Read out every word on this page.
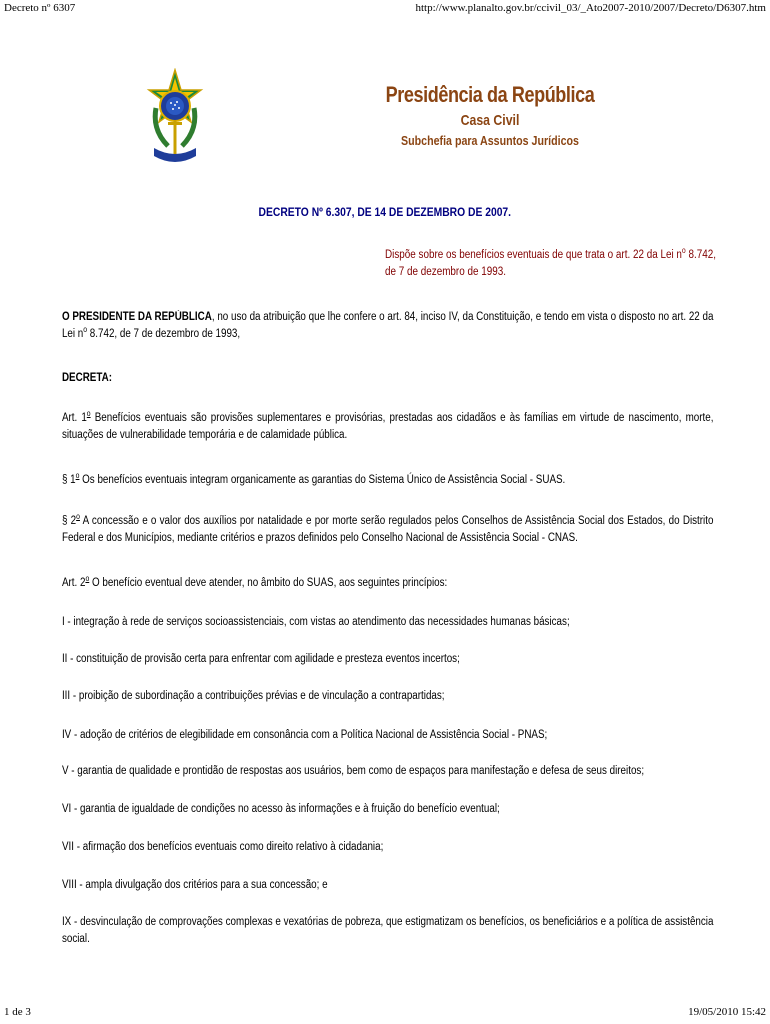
Decreto nº 6307	http://www.planalto.gov.br/ccivil_03/_Ato2007-2010/2007/Decreto/D6307.htm
Presidência da República
Casa Civil
Subchefia para Assuntos Jurídicos
DECRETO Nº 6.307, DE 14 DE DEZEMBRO DE 2007.
Dispõe sobre os benefícios eventuais de que trata o art. 22 da Lei $n^o$ 8.742, de 7 de dezembro de 1993.
O PRESIDENTE DA REPÚBLICA, no uso da atribuição que lhe confere o art. 84, inciso IV, da Constituição, e tendo em vista o disposto no art. 22 da Lei $n^o$ 8.742, de 7 de dezembro de 1993,
DECRETA:
Art. 1$^o$ Benefícios eventuais são provisões suplementares e provisórias, prestadas aos cidadãos e às famílias em virtude de nascimento, morte, situações de vulnerabilidade temporária e de calamidade pública.
§ 1$^o$ Os benefícios eventuais integram organicamente as garantias do Sistema Único de Assistência Social - SUAS.
§ 2$^o$ A concessão e o valor dos auxílios por natalidade e por morte serão regulados pelos Conselhos de Assistência Social dos Estados, do Distrito Federal e dos Municípios, mediante critérios e prazos definidos pelo Conselho Nacional de Assistência Social - CNAS.
Art. 2$^o$ O benefício eventual deve atender, no âmbito do SUAS, aos seguintes princípios:
I - integração à rede de serviços socioassistenciais, com vistas ao atendimento das necessidades humanas básicas;
II - constituição de provisão certa para enfrentar com agilidade e presteza eventos incertos;
III - proibição de subordinação a contribuições prévias e de vinculação a contrapartidas;
IV - adoção de critérios de elegibilidade em consonância com a Política Nacional de Assistência Social - PNAS;
V - garantia de qualidade e prontidão de respostas aos usuários, bem como de espaços para manifestação e defesa de seus direitos;
VI - garantia de igualdade de condições no acesso às informações e à fruição do benefício eventual;
VII - afirmação dos benefícios eventuais como direito relativo à cidadania;
VIII - ampla divulgação dos critérios para a sua concessão; e
IX - desvinculação de comprovações complexas e vexatórias de pobreza, que estigmatizam os benefícios, os beneficiários e a política de assistência social.
1 de 3	19/05/2010 15:42
